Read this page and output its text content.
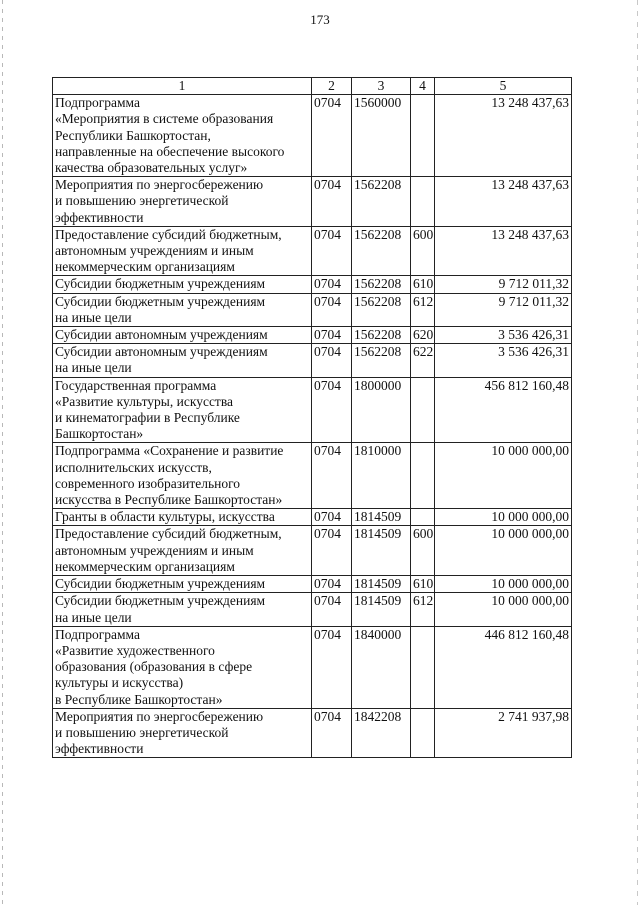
173
1	2	3	4	5
Подпрограмма
«Мероприятия в системе образования
Республики Башкортостан,
направленные на обеспечение высокого
качества образовательных услуг»	0704	1560000		13 248 437,63
Мероприятия по энергосбережению
и повышению энергетической
эффективности	0704	1562208		13 248 437,63
Предоставление субсидий бюджетным,
автономным учреждениям и иным
некоммерческим организациям	0704	1562208	600	13 248 437,63
Субсидии бюджетным учреждениям	0704	1562208	610	9 712 011,32
Субсидии бюджетным учреждениям
на иные цели	0704	1562208	612	9 712 011,32
Субсидии автономным учреждениям	0704	1562208	620	3 536 426,31
Субсидии автономным учреждениям
на иные цели	0704	1562208	622	3 536 426,31
Государственная программа
«Развитие культуры, искусства
и кинематографии в Республике
Башкортостан»	0704	1800000		456 812 160,48
Подпрограмма «Сохранение и развитие
исполнительских искусств,
современного изобразительного
искусства в Республике Башкортостан»	0704	1810000		10 000 000,00
Гранты в области культуры, искусства	0704	1814509		10 000 000,00
Предоставление субсидий бюджетным,
автономным учреждениям и иным
некоммерческим организациям	0704	1814509	600	10 000 000,00
Субсидии бюджетным учреждениям	0704	1814509	610	10 000 000,00
Субсидии бюджетным учреждениям
на иные цели	0704	1814509	612	10 000 000,00
Подпрограмма
«Развитие художественного
образования (образования в сфере
культуры и искусства)
в Республике Башкортостан»	0704	1840000		446 812 160,48
Мероприятия по энергосбережению
и повышению энергетической
эффективности	0704	1842208		2 741 937,98
